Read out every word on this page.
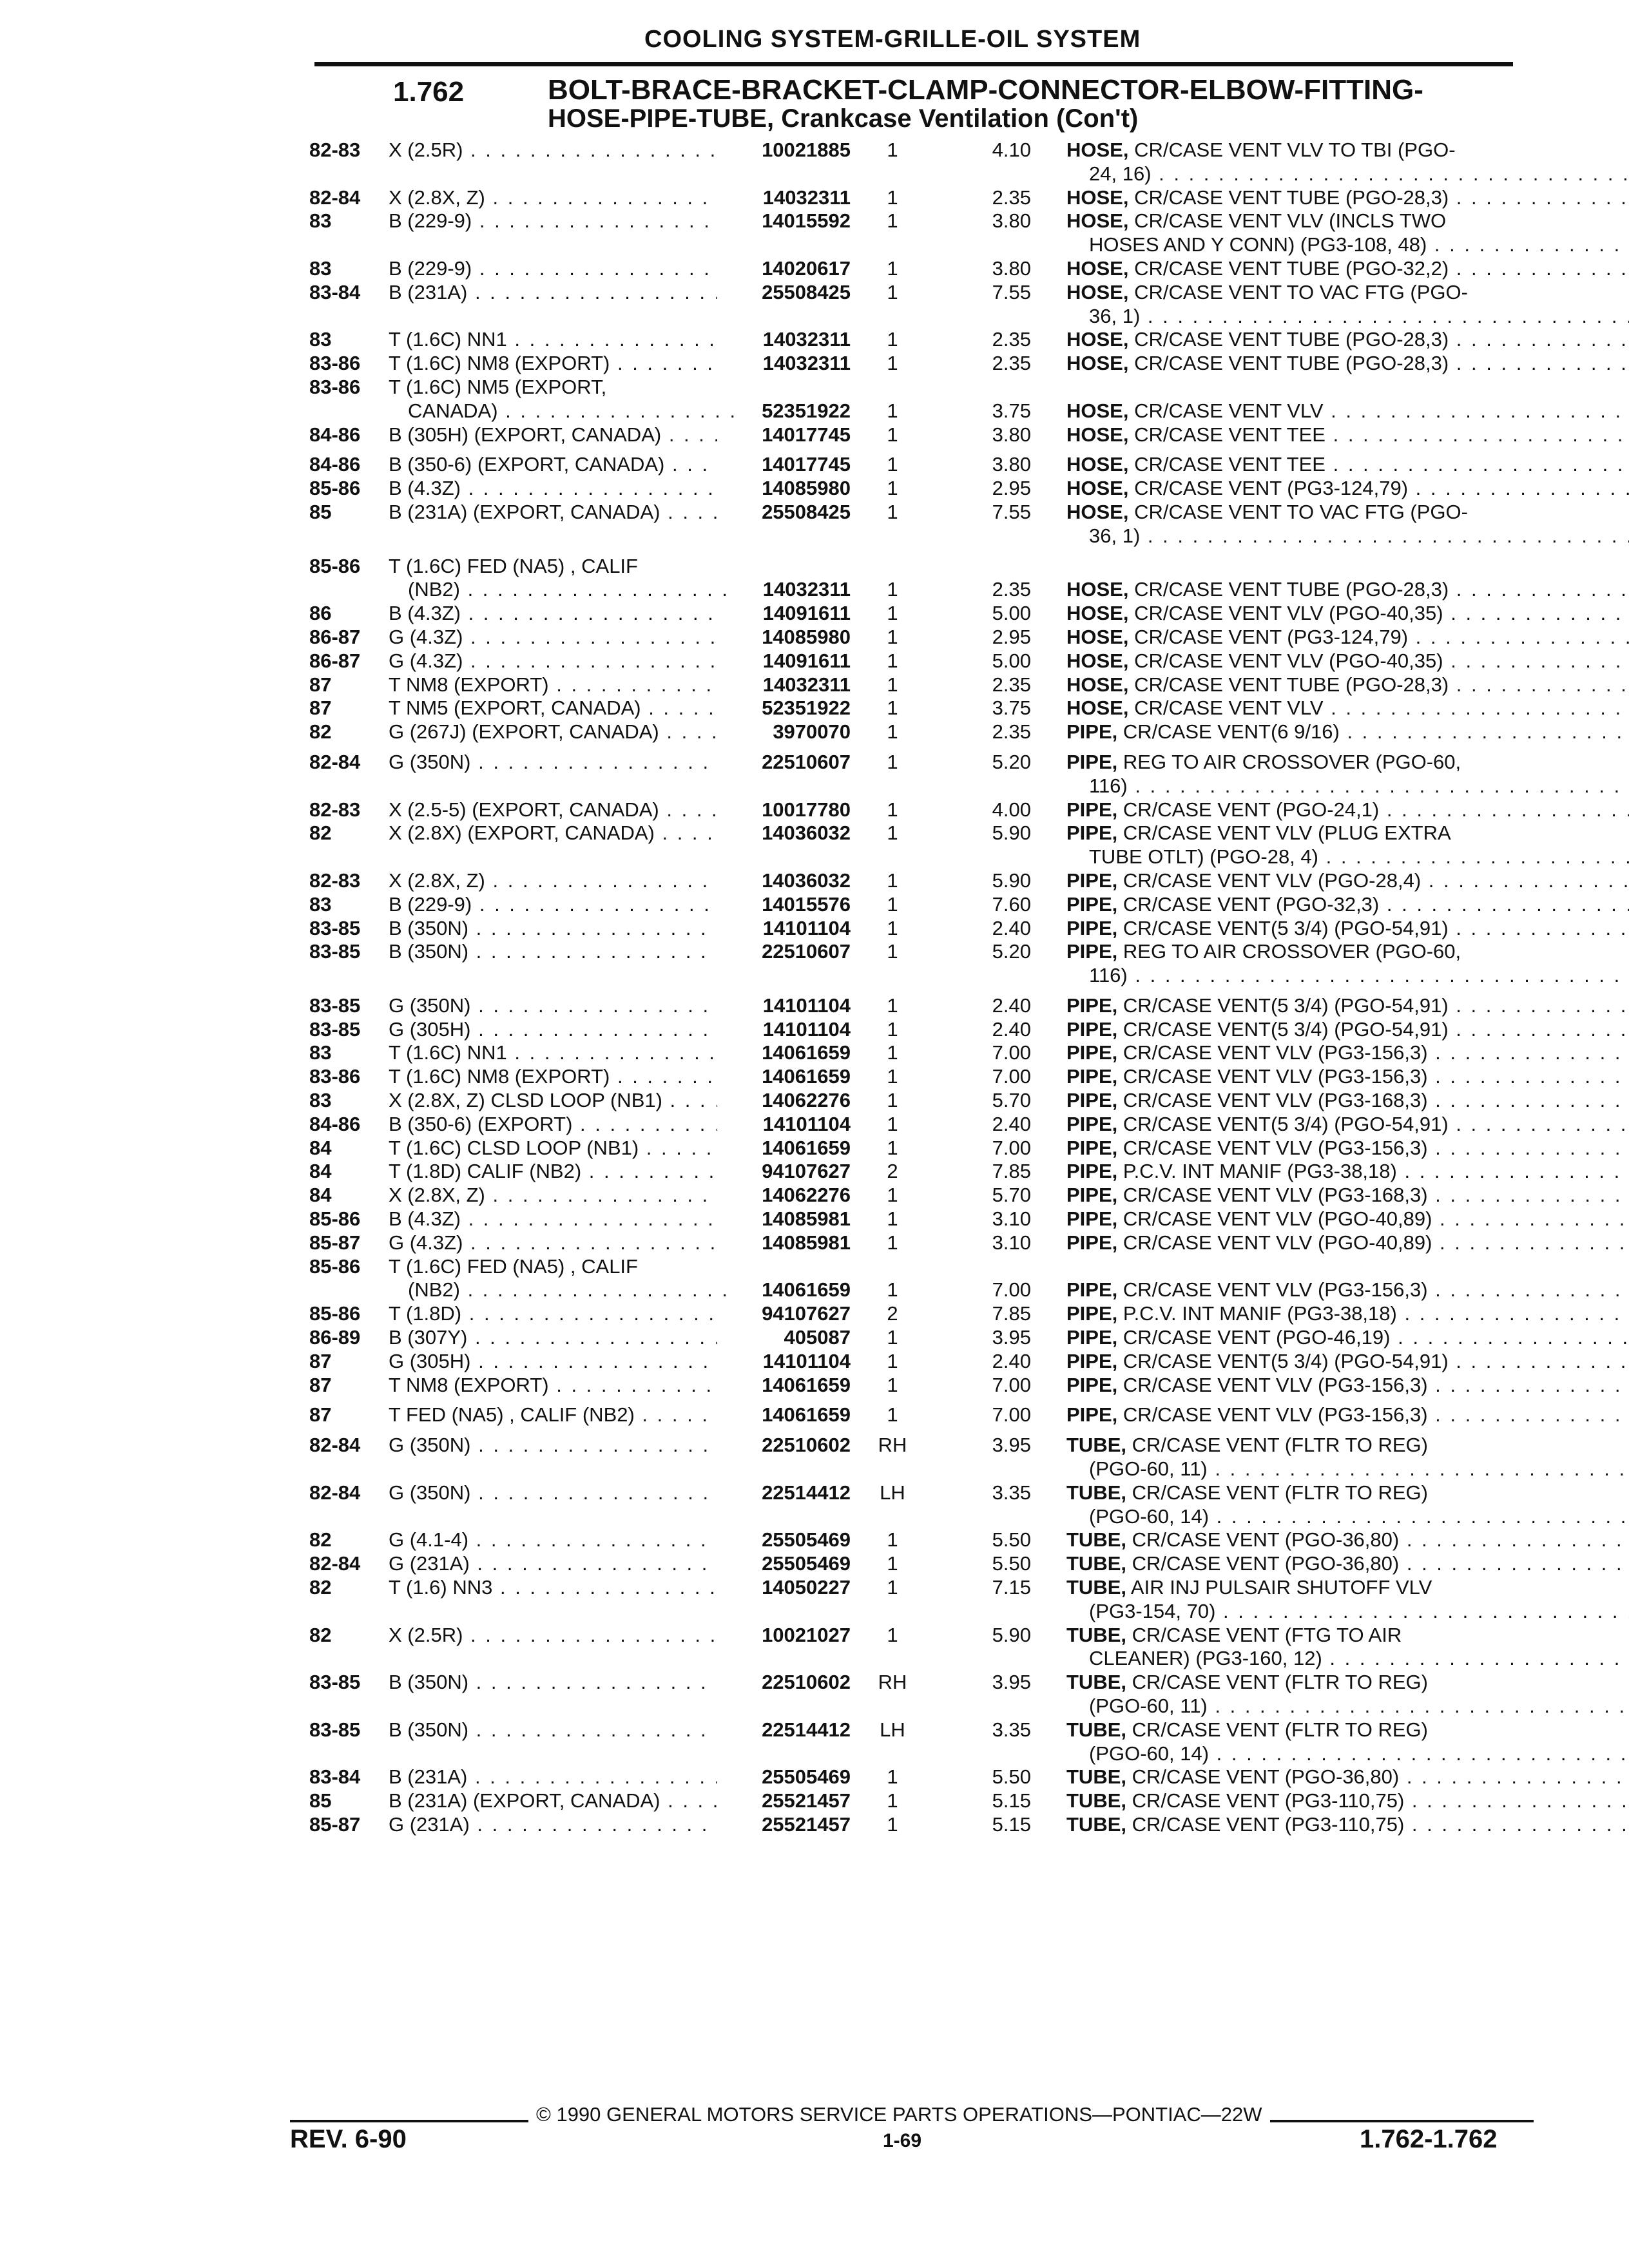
COOLING SYSTEM-GRILLE-OIL SYSTEM
1.762	BOLT-BRACE-BRACKET-CLAMP-CONNECTOR-ELBOW-FITTING-
HOSE-PIPE-TUBE, Crankcase Ventilation (Con't)
82-83	X (2.5R) . . .	10021885	1	4.10 HOSE, CR/CASE VENT VLV TO TBI (PGO-
24, 16) . . .
82-84	X (2.8X, Z) . . .	14032311	1	2.35 HOSE, CR/CASE VENT TUBE (PGO-28,3) . . .
83	B (229-9) . . .	14015592	1	3.80 HOSE, CR/CASE VENT VLV (INCLS TWO
HOSES AND Y CONN) (PG3-108, 48) . . .
83	B (229-9) . . .	14020617	1	3.80 HOSE, CR/CASE VENT TUBE (PGO-32,2) . . .
83-84	B (231A) . . .	25508425	1	7.55 HOSE, CR/CASE VENT TO VAC FTG (PGO-
36, 1) . . .
83	T (1.6C) NN1 . . .	14032311	1	2.35 HOSE, CR/CASE VENT TUBE (PGO-28,3) . . .
83-86	T (1.6C) NM8 (EXPORT) . . .	14032311	1	2.35 HOSE, CR/CASE VENT TUBE (PGO-28,3) . . .
83-86	T (1.6C) NM5 (EXPORT,
CANADA) . . .	52351922	1	3.75 HOSE, CR/CASE VENT VLV . . .
84-86	B (305H) (EXPORT, CANADA) . . .	14017745	1	3.80 HOSE, CR/CASE VENT TEE . . .
84-86	B (350-6) (EXPORT, CANADA) . . .	14017745	1	3.80 HOSE, CR/CASE VENT TEE . . .
85-86	B (4.3Z) . . .	14085980	1	2.95 HOSE, CR/CASE VENT (PG3-124,79) . . .
85	B (231A) (EXPORT, CANADA) . . .	25508425	1	7.55 HOSE, CR/CASE VENT TO VAC FTG (PGO-
36, 1) . . .
85-86	T (1.6C) FED (NA5) , CALIF
(NB2) . . .	14032311	1	2.35 HOSE, CR/CASE VENT TUBE (PGO-28,3) . . .
86	B (4.3Z) . . .	14091611	1	5.00 HOSE, CR/CASE VENT VLV (PGO-40,35) . . .
86-87	G (4.3Z) . . .	14085980	1	2.95 HOSE, CR/CASE VENT (PG3-124,79) . . .
86-87	G (4.3Z) . . .	14091611	1	5.00 HOSE, CR/CASE VENT VLV (PGO-40,35) . . .
87	T NM8 (EXPORT) . . .	14032311	1	2.35 HOSE, CR/CASE VENT TUBE (PGO-28,3) . . .
87	T NM5 (EXPORT, CANADA) . . .	52351922	1	3.75 HOSE, CR/CASE VENT VLV . . .
82	G (267J) (EXPORT, CANADA) . . .	3970070	1	2.35 PIPE, CR/CASE VENT(6 9/16) . . .
82-84	G (350N) . . .	22510607	1	5.20 PIPE, REG TO AIR CROSSOVER (PGO-60,
116) . . .
82-83	X (2.5-5) (EXPORT, CANADA) . . .	10017780	1	4.00 PIPE, CR/CASE VENT (PGO-24,1) . . .
82	X (2.8X) (EXPORT, CANADA) . . .	14036032	1	5.90 PIPE, CR/CASE VENT VLV (PLUG EXTRA
TUBE OTLT) (PGO-28, 4) . . .
82-83	X (2.8X, Z) . . .	14036032	1	5.90 PIPE, CR/CASE VENT VLV (PGO-28,4) . . .
83	B (229-9) . . .	14015576	1	7.60 PIPE, CR/CASE VENT (PGO-32,3) . . .
83-85	B (350N) . . .	14101104	1	2.40 PIPE, CR/CASE VENT(5 3/4) (PGO-54,91) . . .
83-85	B (350N) . . .	22510607	1	5.20 PIPE, REG TO AIR CROSSOVER (PGO-60,
116) . . .
83-85	G (350N) . . .	14101104	1	2.40 PIPE, CR/CASE VENT(5 3/4) (PGO-54,91) . . .
83-85	G (305H) . . .	14101104	1	2.40 PIPE, CR/CASE VENT(5 3/4) (PGO-54,91) . . .
83	T (1.6C) NN1 . . .	14061659	1	7.00 PIPE, CR/CASE VENT VLV (PG3-156,3) . . .
83-86	T (1.6C) NM8 (EXPORT) . . .	14061659	1	7.00 PIPE, CR/CASE VENT VLV (PG3-156,3) . . .
83	X (2.8X, Z) CLSD LOOP (NB1) . . .	14062276	1	5.70 PIPE, CR/CASE VENT VLV (PG3-168,3) . . .
84-86	B (350-6) (EXPORT) . . .	14101104	1	2.40 PIPE, CR/CASE VENT(5 3/4) (PGO-54,91) . . .
84	T (1.6C) CLSD LOOP (NB1) . . .	14061659	1	7.00 PIPE, CR/CASE VENT VLV (PG3-156,3) . . .
84	T (1.8D) CALIF (NB2) . . .	94107627	2	7.85 PIPE, P.C.V. INT MANIF (PG3-38,18) . . .
84	X (2.8X, Z) . . .	14062276	1	5.70 PIPE, CR/CASE VENT VLV (PG3-168,3) . . .
85-86	B (4.3Z) . . .	14085981	1	3.10 PIPE, CR/CASE VENT VLV (PGO-40,89) . . .
85-87	G (4.3Z) . . .	14085981	1	3.10 PIPE, CR/CASE VENT VLV (PGO-40,89) . . .
85-86	T (1.6C) FED (NA5) , CALIF
(NB2) . . .	14061659	1	7.00 PIPE, CR/CASE VENT VLV (PG3-156,3) . . .
85-86	T (1.8D) . . .	94107627	2	7.85 PIPE, P.C.V. INT MANIF (PG3-38,18) . . .
86-89	B (307Y) . . .	405087	1	3.95 PIPE, CR/CASE VENT (PGO-46,19) . . .
87	G (305H) . . .	14101104	1	2.40 PIPE, CR/CASE VENT(5 3/4) (PGO-54,91) . . .
87	T NM8 (EXPORT) . . .	14061659	1	7.00 PIPE, CR/CASE VENT VLV (PG3-156,3) . . .
87	T FED (NA5) , CALIF (NB2) . . .	14061659	1	7.00 PIPE, CR/CASE VENT VLV (PG3-156,3) . . .
82-84	G (350N) . . .	22510602	RH	3.95 TUBE, CR/CASE VENT (FLTR TO REG)
(PGO-60, 11) . . .
82-84	G (350N) . . .	22514412	LH	3.35 TUBE, CR/CASE VENT (FLTR TO REG)
(PGO-60, 14) . . .
82	G (4.1-4) . . .	25505469	1	5.50 TUBE, CR/CASE VENT (PGO-36,80) . . .
82-84	G (231A) . . .	25505469	1	5.50 TUBE, CR/CASE VENT (PGO-36,80) . . .
82	T (1.6) NN3 . . .	14050227	1	7.15 TUBE, AIR INJ PULSAIR SHUTOFF VLV
(PG3-154, 70) . . .
82	X (2.5R) . . .	10021027	1	5.90 TUBE, CR/CASE VENT (FTG TO AIR
CLEANER) (PG3-160, 12) . . .
83-85	B (350N) . . .	22510602	RH	3.95 TUBE, CR/CASE VENT (FLTR TO REG)
(PGO-60, 11) . . .
83-85	B (350N) . . .	22514412	LH	3.35 TUBE, CR/CASE VENT (FLTR TO REG)
(PGO-60, 14) . . .
83-84	B (231A) . . .	25505469	1	5.50 TUBE, CR/CASE VENT (PGO-36,80) . . .
85	B (231A) (EXPORT, CANADA) . . .	25521457	1	5.15 TUBE, CR/CASE VENT (PG3-110,75) . . .
85-87	G (231A) . . .	25521457	1	5.15 TUBE, CR/CASE VENT (PG3-110,75) . . .
© 1990 GENERAL MOTORS SERVICE PARTS OPERATIONS—PONTIAC—22W
REV. 6-90	1-69	1.762-1.762
